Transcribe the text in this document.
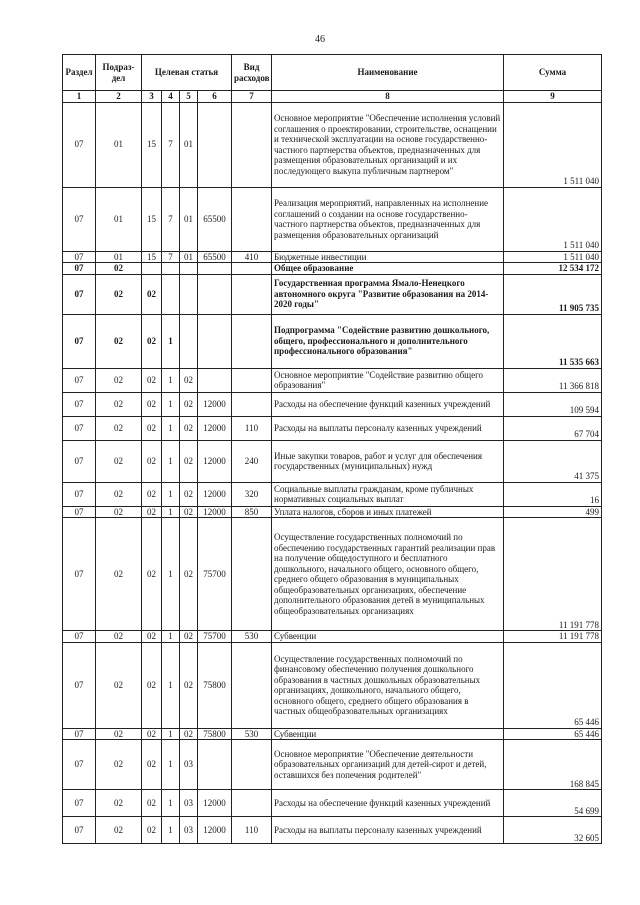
46
Раздел	Подраз-дел	Целевая статья				Вид расходов	Наименование	Сумма
1	2	3	4	5	6	7	8	9
07	01	15	7	01			Основное мероприятие "Обеспечение исполнения условий соглашения о проектировании, строительстве, оснащении и технической эксплуатации на основе государственно-частного партнерства объектов, предназначенных для размещения образовательных организаций и их последующего выкупа публичным партнером"	1 511 040
07	01	15	7	01	65500		Реализация мероприятий, направленных на исполнение соглашений о создании на основе государственно-частного партнерства объектов, предназначенных для размещения образовательных организаций	1 511 040
07	01	15	7	01	65500	410	Бюджетные инвестиции	1 511 040
07	02						Общее образование	12 534 172
07	02	02					Государственная программа Ямало-Ненецкого автономного округа "Развитие образования на 2014-2020 годы"	11 905 735
07	02	02	1				Подпрограмма "Содействие развитию дошкольного, общего, профессионального и дополнительного профессионального образования"	11 535 663
07	02	02	1	02			Основное мероприятие "Содействие развитию общего образования"	11 366 818
07	02	02	1	02	12000		Расходы на обеспечение функций казенных учреждений	109 594
07	02	02	1	02	12000	110	Расходы на выплаты персоналу казенных учреждений	67 704
07	02	02	1	02	12000	240	Иные закупки товаров, работ и услуг для обеспечения государственных (муниципальных) нужд	41 375
07	02	02	1	02	12000	320	Социальные выплаты гражданам, кроме публичных нормативных социальных выплат	16
07	02	02	1	02	12000	850	Уплата налогов, сборов и иных платежей	499
07	02	02	1	02	75700		Осуществление государственных полномочий по обеспечению государственных гарантий реализации прав на получение общедоступного и бесплатного дошкольного, начального общего, основного общего, среднего общего образования в муниципальных общеобразовательных организациях, обеспечение дополнительного образования детей в муниципальных общеобразовательных организациях	11 191 778
07	02	02	1	02	75700	530	Субвенции	11 191 778
07	02	02	1	02	75800		Осуществление государственных полномочий по финансовому обеспечению получения дошкольного образования в частных дошкольных образовательных организациях, дошкольного, начального общего, основного общего, среднего общего образования в частных общеобразовательных организациях	65 446
07	02	02	1	02	75800	530	Субвенции	65 446
07	02	02	1	03			Основное мероприятие "Обеспечение деятельности образовательных организаций для детей-сирот и детей, оставшихся без попечения родителей"	168 845
07	02	02	1	03	12000		Расходы на обеспечение функций казенных учреждений	54 699
07	02	02	1	03	12000	110	Расходы на выплаты персоналу казенных учреждений	32 605
